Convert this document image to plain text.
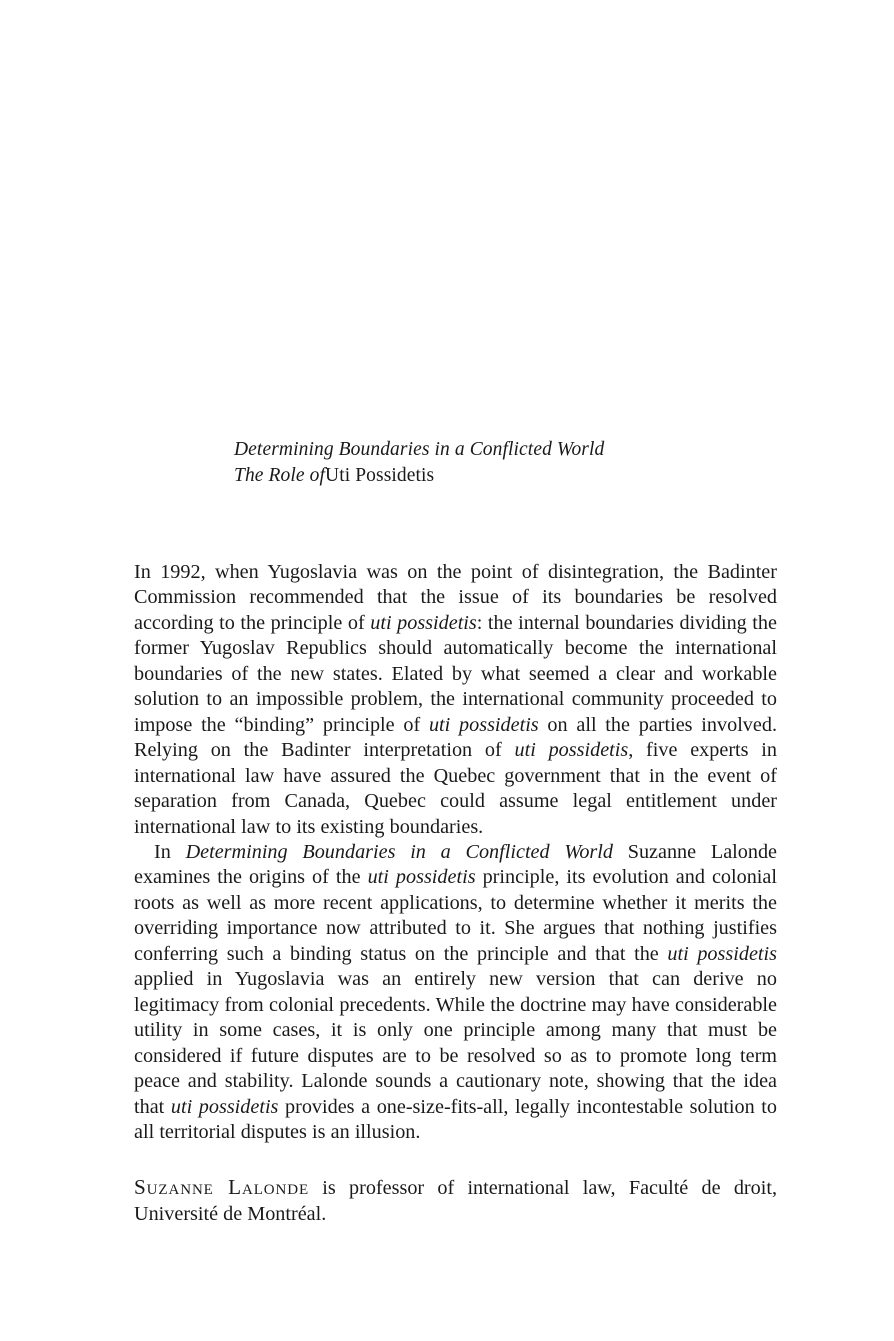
Determining Boundaries in a Conflicted World
The Role ofUti Possidetis

In 1992, when Yugoslavia was on the point of disintegration, the Badinter Commission recommended that the issue of its boundaries be resolved according to the principle of uti possidetis: the internal boundaries dividing the former Yugoslav Republics should automatically become the international boundaries of the new states. Elated by what seemed a clear and workable solution to an impossible problem, the international community proceeded to impose the “binding” principle of uti possidetis on all the parties involved. Relying on the Badinter interpretation of uti possidetis, five experts in international law have assured the Quebec government that in the event of separation from Canada, Quebec could assume legal entitlement under international law to its existing boundaries.

In Determining Boundaries in a Conflicted World Suzanne Lalonde examines the origins of the uti possidetis principle, its evolution and colonial roots as well as more recent applications, to determine whether it merits the overriding importance now attributed to it. She argues that nothing justifies conferring such a binding status on the principle and that the uti possidetis applied in Yugoslavia was an entirely new version that can derive no legitimacy from colonial precedents. While the doctrine may have considerable utility in some cases, it is only one principle among many that must be considered if future disputes are to be resolved so as to promote long term peace and stability. Lalonde sounds a cautionary note, showing that the idea that uti possidetis provides a one-size-fits-all, legally incontestable solution to all territorial disputes is an illusion.

Suzanne Lalonde is professor of international law, Faculté de droit, Université de Montréal.
